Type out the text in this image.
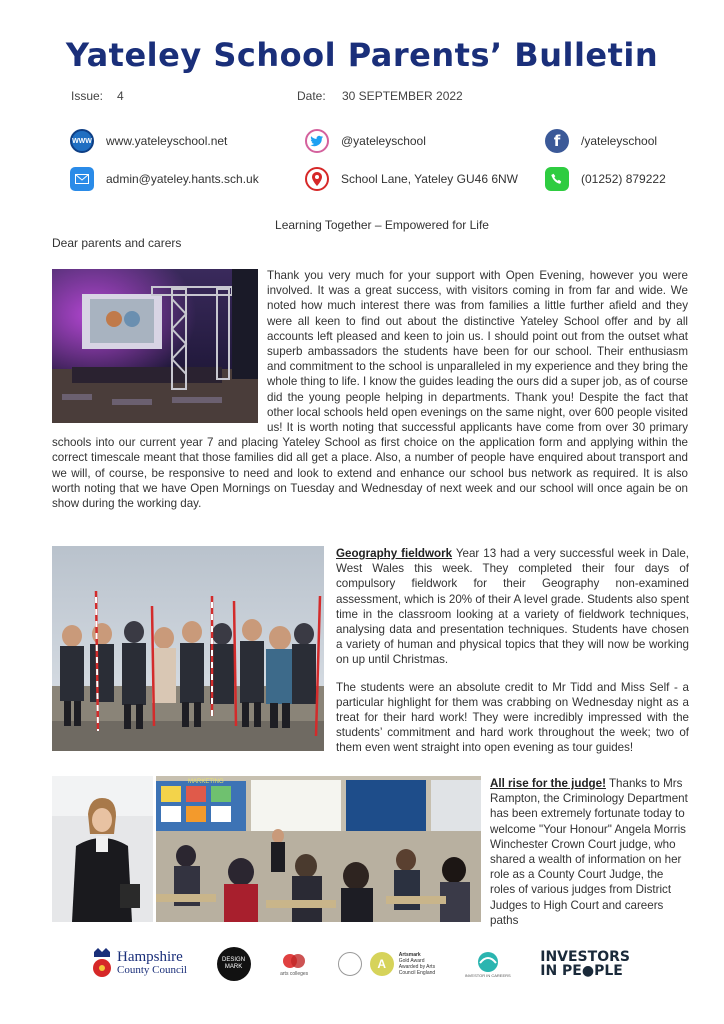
Yateley School Parents’ Bulletin
Issue: 4	Date: 30 SEPTEMBER 2022
WWW www.yateleyschool.net	@yateleyschool	f	/yateleyschool
admin@yateley.hants.sch.uk	School Lane, Yateley GU46 6NW	(01252) 879222
Learning Together – Empowered for Life
Dear parents and carers
Thank you very much for your support with Open Evening, however you were involved. It was a great success, with visitors coming in from far and wide. We noted how much interest there was from families a little further afield and they were all keen to find out about the distinctive Yateley School offer and by all accounts left pleased and keen to join us. I should point out from the outset what superb ambassadors the students have been for our school. Their enthusiasm and commitment to the school is unparalleled in my experience and they bring the whole thing to life. I know the guides leading the ours did a super job, as of course did the young people helping in departments. Thank you! Despite the fact that other local schools held open evenings on the same night, over 600 people visited us! It is worth noting that successful applicants have come from over 30 primary schools into our current year 7 and placing Yateley School as first choice on the application form and applying within the correct timescale meant that those families did all get a place. Also, a number of people have enquired about transport and we will, of course, be responsive to need and look to extend and enhance our school bus network as required. It is also worth noting that we have Open Mornings on Tuesday and Wednesday of next week and our school will once again be on show during the working day.

Geography fieldwork Year 13 had a very successful week in Dale, West Wales this week. They completed their four days of compulsory fieldwork for their Geography non-examined assessment, which is 20% of their A level grade. Students also spent time in the classroom looking at a variety of fieldwork techniques, analysing data and presentation techniques. Students have chosen a variety of human and physical topics that they will now be working on up until Christmas.

The students were an absolute credit to Mr Tidd and Miss Self - a particular highlight for them was crabbing on Wednesday night as a treat for their hard work! They were incredibly impressed with the students’ commitment and hard work throughout the week; two of them even went straight into open evening as tour guides!

MARKETING	All rise for the judge! Thanks to Mrs Rampton, the Criminology Department has been extremely fortunate today to welcome "Your Honour" Angela Morris Winchester Crown Court judge, who shared a wealth of information on her role as a County Court Judge, the roles of various judges from District Judges to High Court and careers paths
Hampshire
County Council
DESIGN MARK
arts colleges
A
Artsmark
Gold Award
Awarded by Arts
Council England	INVESTOR IN CAREERS
INVESTORS
IN PE●PLE
